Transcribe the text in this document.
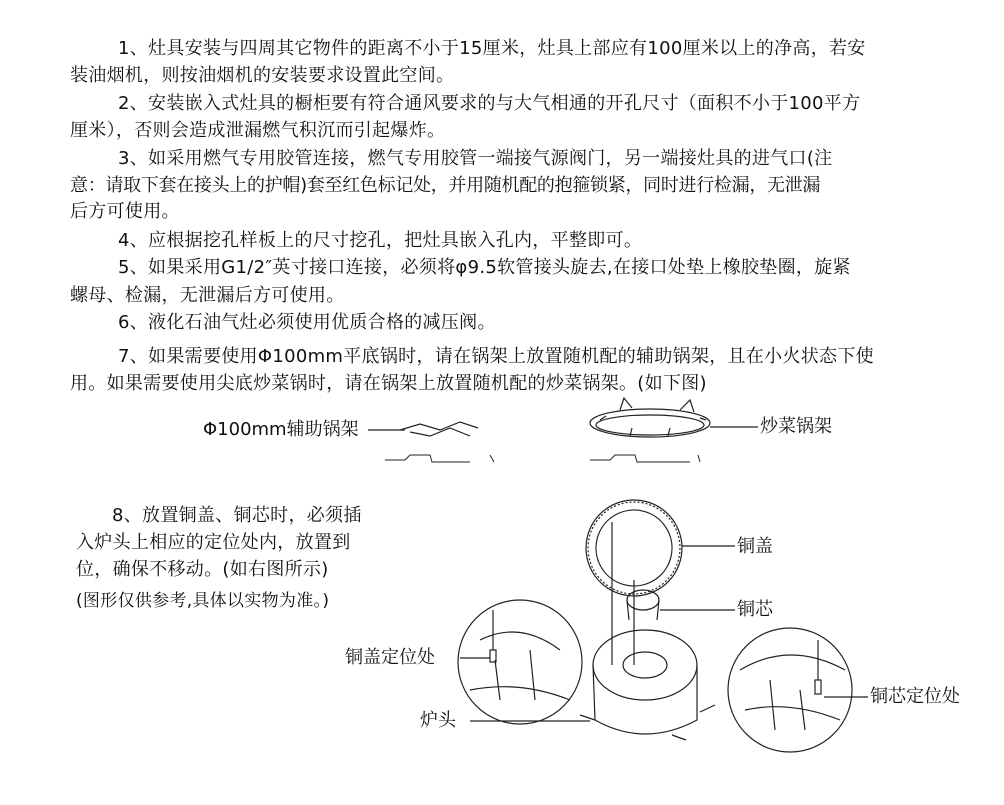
1、灶具安装与四周其它物件的距离不小于15厘米，灶具上部应有100厘米以上的净高，若安
装油烟机，则按油烟机的安装要求设置此空间。
2、安装嵌入式灶具的橱柜要有符合通风要求的与大气相通的开孔尺寸（面积不小于100平方
厘米），否则会造成泄漏燃气积沉而引起爆炸。
3、如采用燃气专用胶管连接，燃气专用胶管一端接气源阀门，另一端接灶具的进气口(注
意：请取下套在接头上的护帽)套至红色标记处，并用随机配的抱箍锁紧，同时进行检漏，无泄漏
后方可使用。
4、应根据挖孔样板上的尺寸挖孔，把灶具嵌入孔内，平整即可。
5、如果采用G1/2″英寸接口连接，必须将φ9.5软管接头旋去,在接口处垫上橡胶垫圈，旋紧
螺母、检漏，无泄漏后方可使用。
6、液化石油气灶必须使用优质合格的减压阀。
7、如果需要使用Φ100mm平底锅时，请在锅架上放置随机配的辅助锅架，且在小火状态下使
用。如果需要使用尖底炒菜锅时，请在锅架上放置随机配的炒菜锅架。(如下图)
8、放置铜盖、铜芯时，必须插
入炉头上相应的定位处内，放置到
位，确保不移动。(如右图所示)
(图形仅供参考,具体以实物为准。)
Φ100mm辅助锅架	炒菜锅架
铜盖
铜芯
铜盖定位处
铜芯定位处
炉头
